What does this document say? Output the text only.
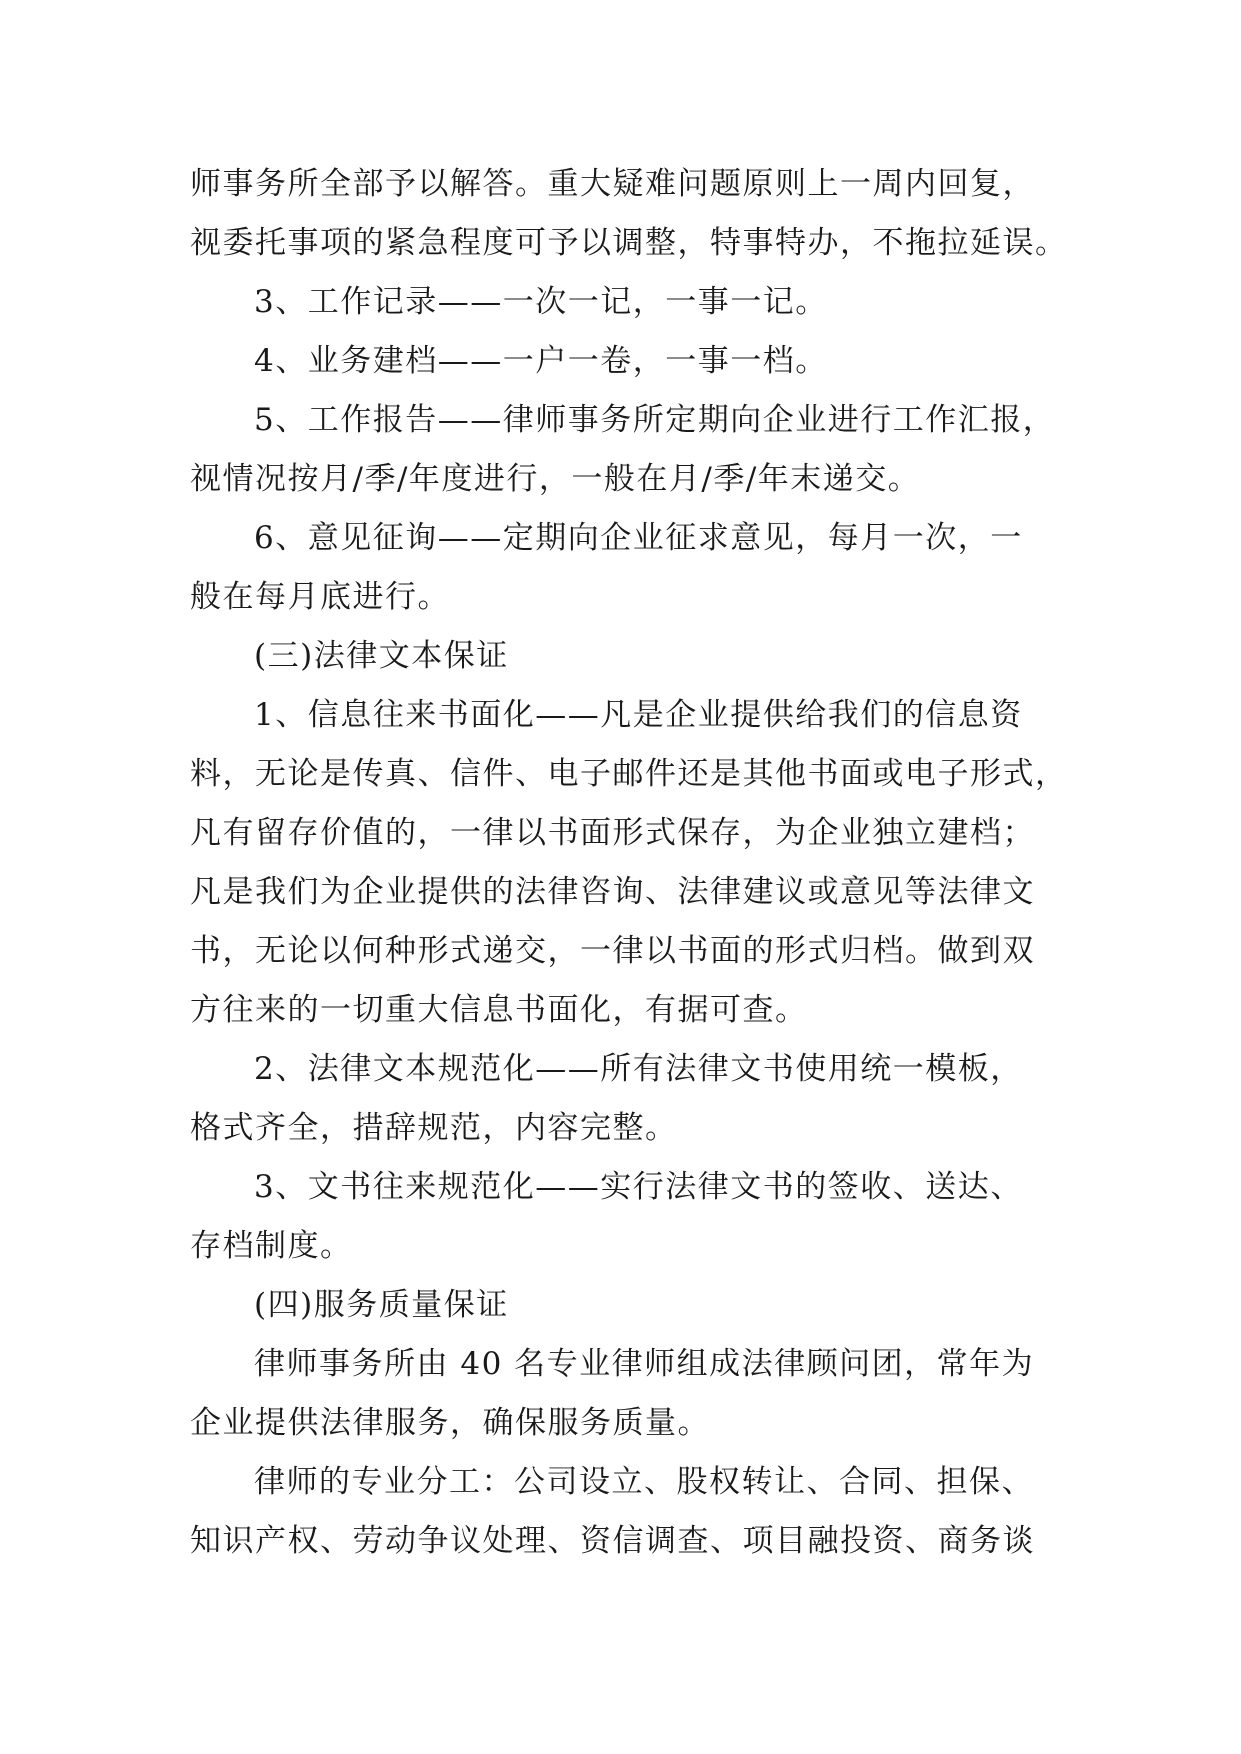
师事务所全部予以解答。重大疑难问题原则上一周内回复，
视委托事项的紧急程度可予以调整，特事特办，不拖拉延误。
3、工作记录——一次一记，一事一记。
4、业务建档——一户一卷，一事一档。
5、工作报告——律师事务所定期向企业进行工作汇报，
视情况按月/季/年度进行，一般在月/季/年末递交。
6、意见征询——定期向企业征求意见，每月一次，一
般在每月底进行。
(三)法律文本保证
1、信息往来书面化——凡是企业提供给我们的信息资
料，无论是传真、信件、电子邮件还是其他书面或电子形式，
凡有留存价值的，一律以书面形式保存，为企业独立建档；
凡是我们为企业提供的法律咨询、法律建议或意见等法律文
书，无论以何种形式递交，一律以书面的形式归档。做到双
方往来的一切重大信息书面化，有据可查。
2、法律文本规范化——所有法律文书使用统一模板，
格式齐全，措辞规范，内容完整。
3、文书往来规范化——实行法律文书的签收、送达、
存档制度。
(四)服务质量保证
律师事务所由 40 名专业律师组成法律顾问团，常年为
企业提供法律服务，确保服务质量。
律师的专业分工：公司设立、股权转让、合同、担保、
知识产权、劳动争议处理、资信调查、项目融投资、商务谈
